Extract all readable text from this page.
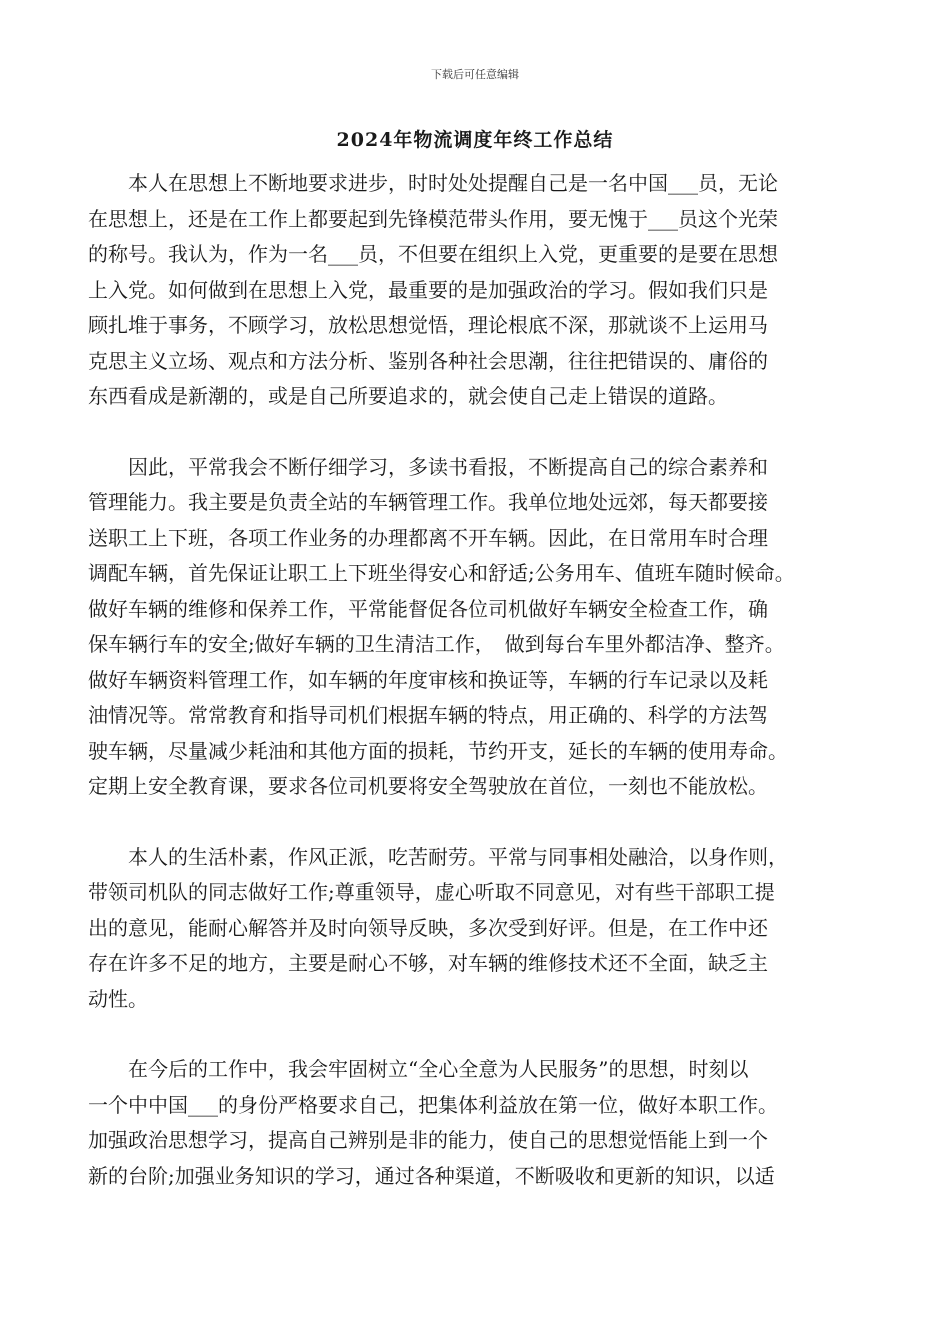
下载后可任意编辑
2024年物流调度年终工作总结
　　本人在思想上不断地要求进步，时时处处提醒自己是一名中国___员，无论
在思想上，还是在工作上都要起到先锋模范带头作用，要无愧于___员这个光荣
的称号。我认为，作为一名___员，不但要在组织上入党，更重要的是要在思想
上入党。如何做到在思想上入党，最重要的是加强政治的学习。假如我们只是
顾扎堆于事务，不顾学习，放松思想觉悟，理论根底不深，那就谈不上运用马
克思主义立场、观点和方法分析、鉴别各种社会思潮，往往把错误的、庸俗的
东西看成是新潮的，或是自己所要追求的，就会使自己走上错误的道路。
　　因此，平常我会不断仔细学习，多读书看报，不断提高自己的综合素养和
管理能力。我主要是负责全站的车辆管理工作。我单位地处远郊，每天都要接
送职工上下班，各项工作业务的办理都离不开车辆。因此，在日常用车时合理
调配车辆，首先保证让职工上下班坐得安心和舒适;公务用车、值班车随时候命。
做好车辆的维修和保养工作，平常能督促各位司机做好车辆安全检查工作，确
保车辆行车的安全;做好车辆的卫生清洁工作，　做到每台车里外都洁净、整齐。
做好车辆资料管理工作，如车辆的年度审核和换证等，车辆的行车记录以及耗
油情况等。常常教育和指导司机们根据车辆的特点，用正确的、科学的方法驾
驶车辆，尽量减少耗油和其他方面的损耗，节约开支，延长的车辆的使用寿命。
定期上安全教育课，要求各位司机要将安全驾驶放在首位，一刻也不能放松。
　　本人的生活朴素，作风正派，吃苦耐劳。平常与同事相处融洽，以身作则，
带领司机队的同志做好工作;尊重领导，虚心听取不同意见，对有些干部职工提
出的意见，能耐心解答并及时向领导反映，多次受到好评。但是，在工作中还
存在许多不足的地方，主要是耐心不够，对车辆的维修技术还不全面，缺乏主
动性。
　　在今后的工作中，我会牢固树立“全心全意为人民服务”的思想，时刻以
一个中中国___的身份严格要求自己，把集体利益放在第一位，做好本职工作。
加强政治思想学习，提高自己辨别是非的能力，使自己的思想觉悟能上到一个
新的台阶;加强业务知识的学习，通过各种渠道，不断吸收和更新的知识，以适
